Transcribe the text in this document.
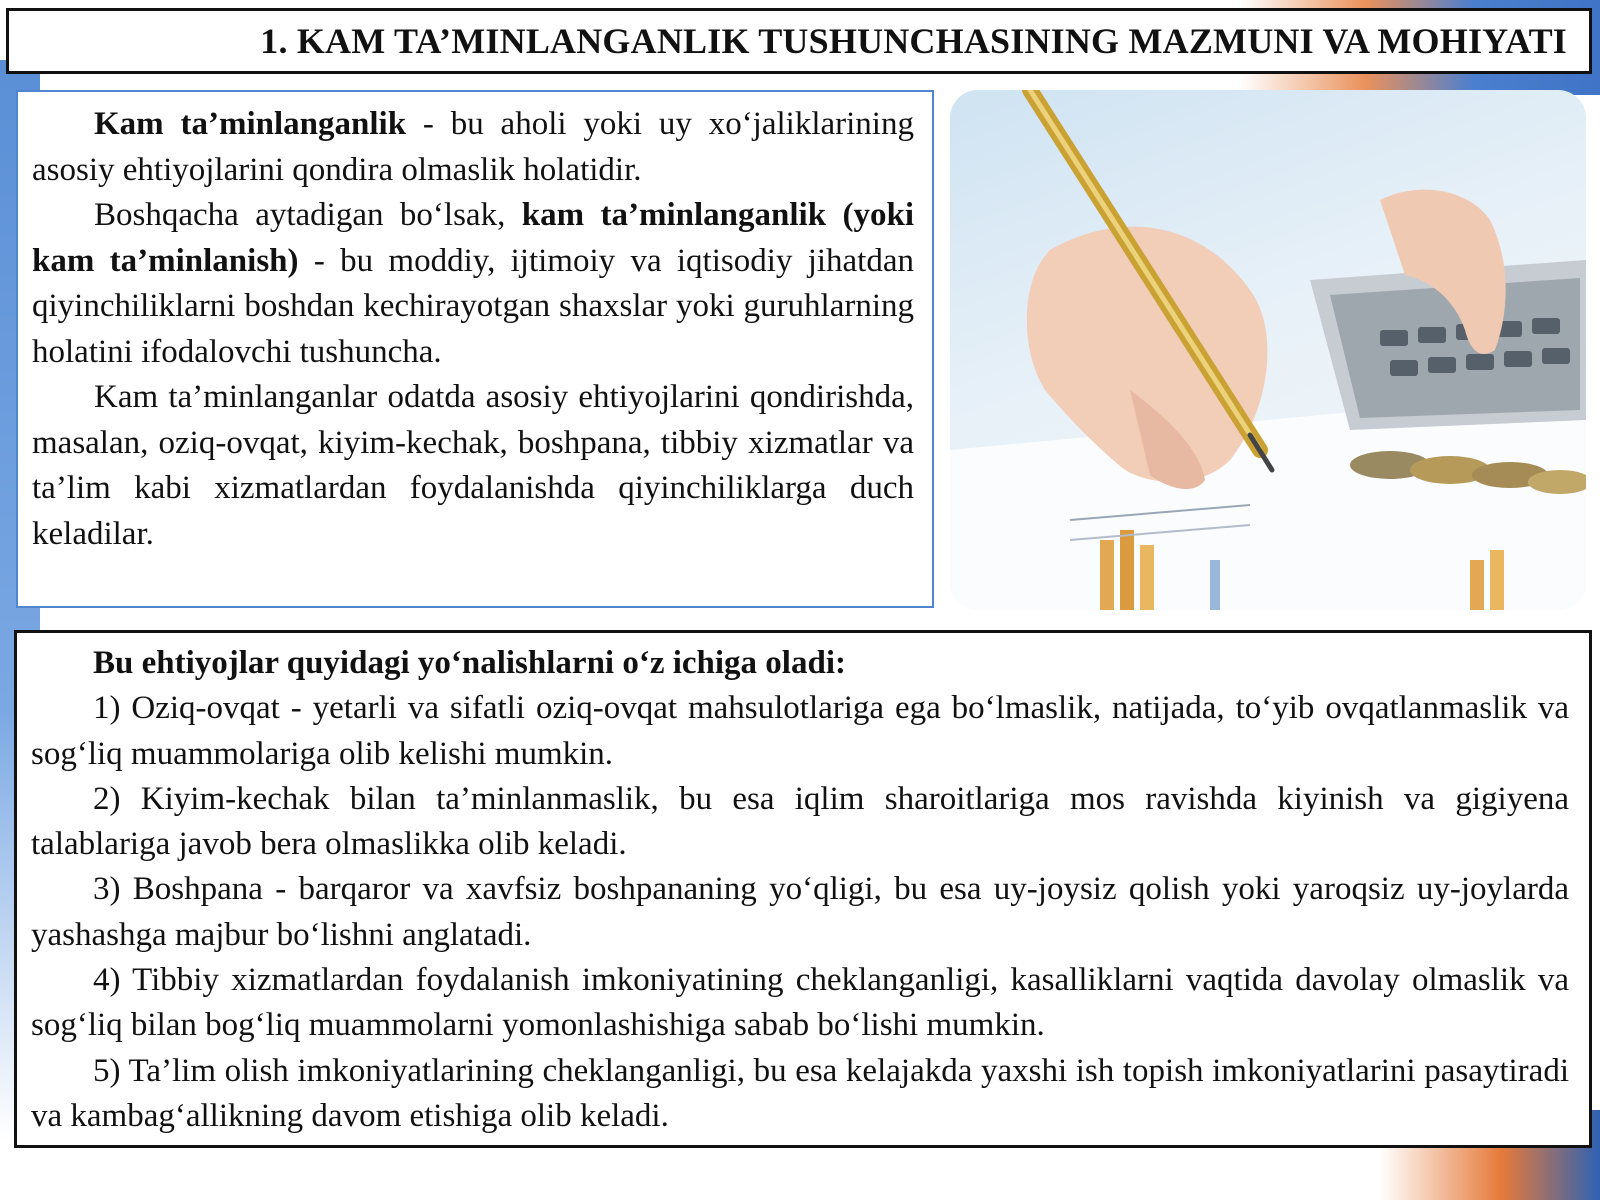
1. KAM TA’MINLANGANLIK TUSHUNCHASINING MAZMUNI VA MOHIYATI

Kam ta’minlanganlik - bu aholi yoki uy xo‘jaliklarining asosiy ehtiyojlarini qondira olmaslik holatidir.

Boshqacha aytadigan bo‘lsak, kam ta’minlanganlik (yoki kam ta’minlanish) - bu moddiy, ijtimoiy va iqtisodiy jihatdan qiyinchiliklarni boshdan kechirayotgan shaxslar yoki guruhlarning holatini ifodalovchi tushuncha.

Kam ta’minlanganlar odatda asosiy ehtiyojlarini qondirishda, masalan, oziq-ovqat, kiyim-kechak, boshpana, tibbiy xizmatlar va ta’lim kabi xizmatlardan foydalanishda qiyinchiliklarga duch keladilar.

Bu ehtiyojlar quyidagi yo‘nalishlarni o‘z ichiga oladi:

1) Oziq-ovqat - yetarli va sifatli oziq-ovqat mahsulotlariga ega bo‘lmaslik, natijada, to‘yib ovqatlanmaslik va sog‘liq muammolariga olib kelishi mumkin.

2) Kiyim-kechak bilan ta’minlanmaslik, bu esa iqlim sharoitlariga mos ravishda kiyinish va gigiyena talablariga javob bera olmaslikka olib keladi.

3) Boshpana - barqaror va xavfsiz boshpananing yo‘qligi, bu esa uy-joysiz qolish yoki yaroqsiz uy-joylarda yashashga majbur bo‘lishni anglatadi.

4) Tibbiy xizmatlardan foydalanish imkoniyatining cheklanganligi, kasalliklarni vaqtida davolay olmaslik va sog‘liq bilan bog‘liq muammolarni yomonlashishiga sabab bo‘lishi mumkin.

5) Ta’lim olish imkoniyatlarining cheklanganligi, bu esa kelajakda yaxshi ish topish imkoniyatlarini pasaytiradi va kambag‘allikning davom etishiga olib keladi.
